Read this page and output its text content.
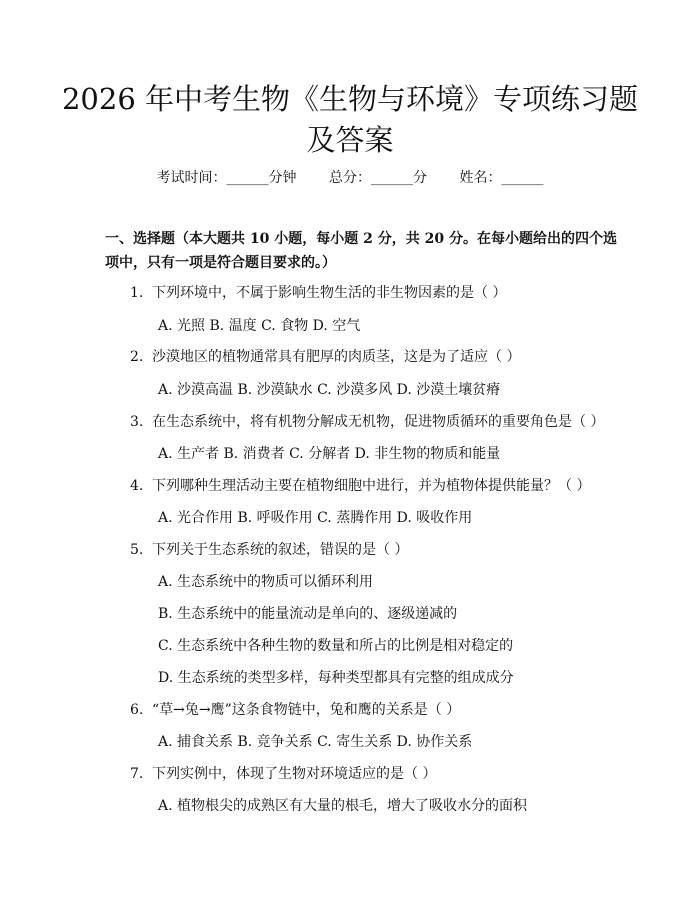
2026 年中考生物《生物与环境》专项练习题
及答案
考试时间：______分钟 总分：______分 姓名：______
一、选择题（本大题共 10 小题，每小题 2 分，共 20 分。在每小题给出的四个选
项中，只有一项是符合题目要求的。）
1. 下列环境中，不属于影响生物生活的非生物因素的是（ ）
A. 光照 B. 温度 C. 食物 D. 空气
2. 沙漠地区的植物通常具有肥厚的肉质茎，这是为了适应（ ）
A. 沙漠高温 B. 沙漠缺水 C. 沙漠多风 D. 沙漠土壤贫瘠
3. 在生态系统中，将有机物分解成无机物，促进物质循环的重要角色是（ ）
A. 生产者 B. 消费者 C. 分解者 D. 非生物的物质和能量
4. 下列哪种生理活动主要在植物细胞中进行，并为植物体提供能量？（ ）
A. 光合作用 B. 呼吸作用 C. 蒸腾作用 D. 吸收作用
5. 下列关于生态系统的叙述，错误的是（ ）
A. 生态系统中的物质可以循环利用
B. 生态系统中的能量流动是单向的、逐级递减的
C. 生态系统中各种生物的数量和所占的比例是相对稳定的
D. 生态系统的类型多样，每种类型都具有完整的组成成分
6. “草→兔→鹰”这条食物链中，兔和鹰的关系是（ ）
A. 捕食关系 B. 竞争关系 C. 寄生关系 D. 协作关系
7. 下列实例中，体现了生物对环境适应的是（ ）
A. 植物根尖的成熟区有大量的根毛，增大了吸收水分的面积
